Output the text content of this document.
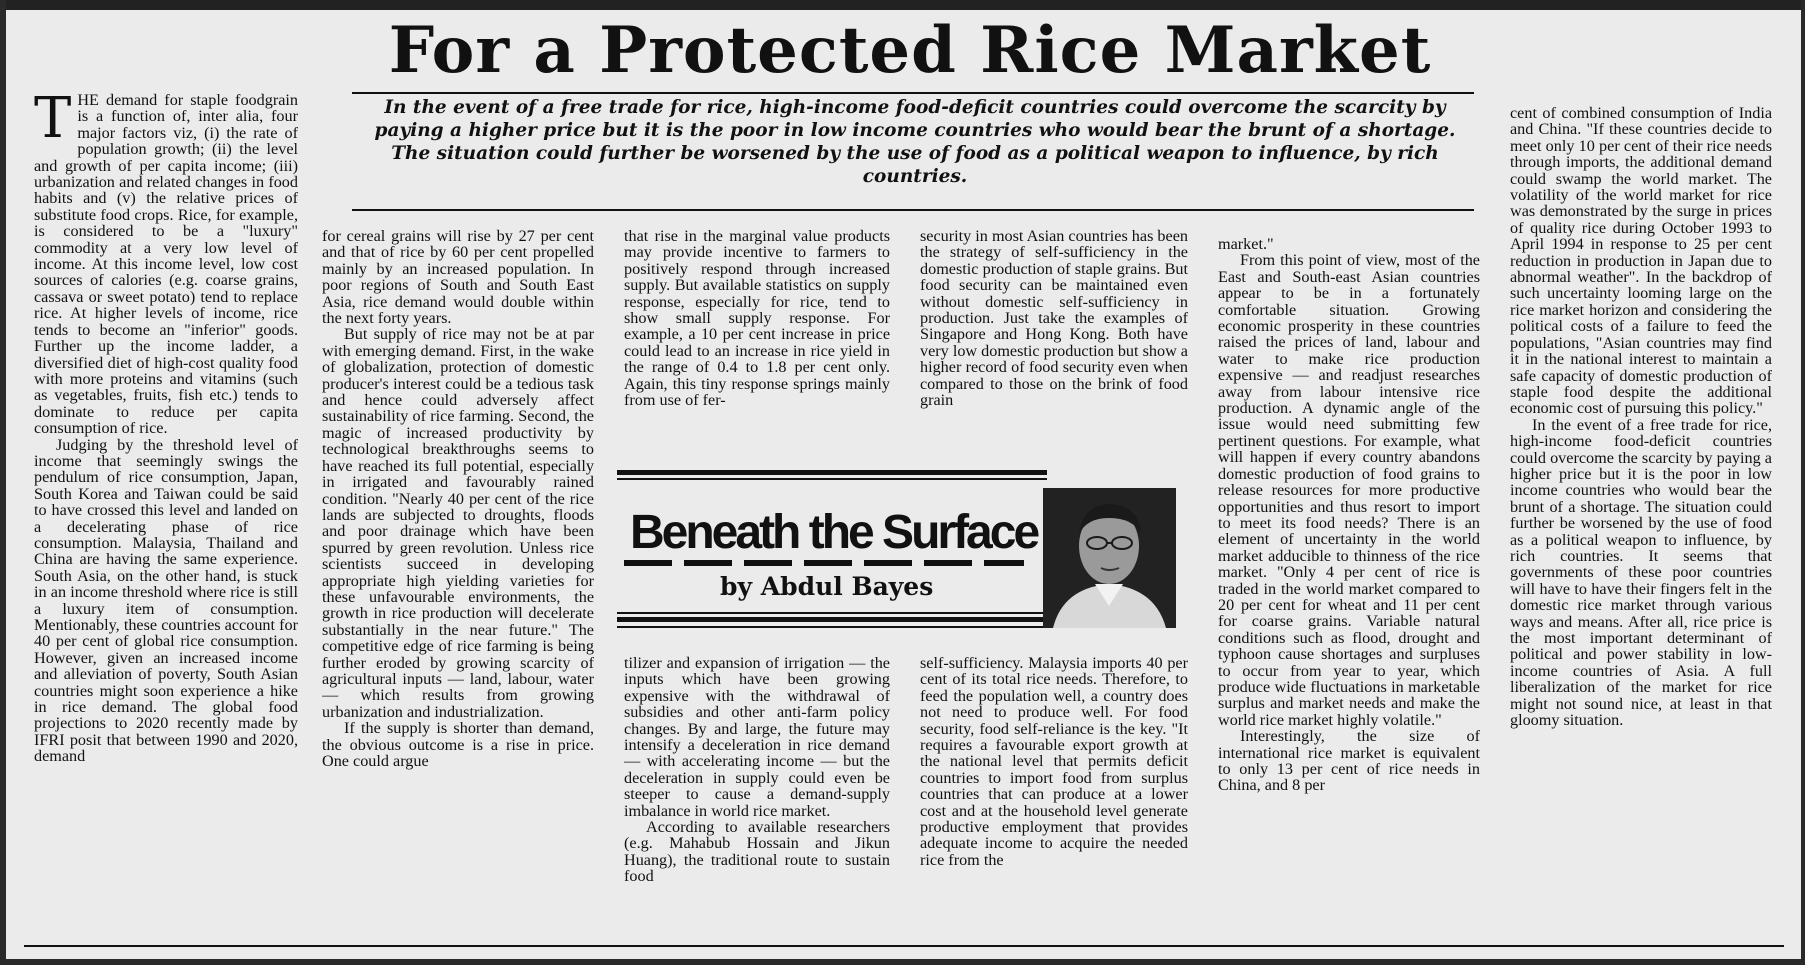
For a Protected Rice Market
In the event of a free trade for rice, high-income food-deficit countries could overcome the scarcity by paying a higher price but it is the poor in low income countries who would bear the brunt of a shortage. The situation could further be worsened by the use of food as a political weapon to influence, by rich countries.

THE demand for staple foodgrain is a function of, inter alia, four major factors viz, (i) the rate of population growth; (ii) the level and growth of per capita income; (iii) urbanization and related changes in food habits and (v) the relative prices of substitute food crops. Rice, for example, is considered to be a "luxury" commodity at a very low level of income. At this income level, low cost sources of calories (e.g. coarse grains, cassava or sweet potato) tend to replace rice. At higher levels of income, rice tends to become an "inferior" goods. Further up the income ladder, a diversified diet of high-cost quality food with more proteins and vitamins (such as vegetables, fruits, fish etc.) tends to dominate to reduce per capita consumption of rice.

Judging by the threshold level of income that seemingly swings the pendulum of rice consumption, Japan, South Korea and Taiwan could be said to have crossed this level and landed on a decelerating phase of rice consumption. Malaysia, Thailand and China are having the same experience. South Asia, on the other hand, is stuck in an income threshold where rice is still a luxury item of consumption. Mentionably, these countries account for 40 per cent of global rice consumption. However, given an increased income and alleviation of poverty, South Asian countries might soon experience a hike in rice demand. The global food projections to 2020 recently made by IFRI posit that between 1990 and 2020, demand

for cereal grains will rise by 27 per cent and that of rice by 60 per cent propelled mainly by an increased population. In poor regions of South and South East Asia, rice demand would double within the next forty years.

But supply of rice may not be at par with emerging demand. First, in the wake of globalization, protection of domestic producer's interest could be a tedious task and hence could adversely affect sustainability of rice farming. Second, the magic of increased productivity by technological breakthroughs seems to have reached its full potential, especially in irrigated and favourably rained condition. "Nearly 40 per cent of the rice lands are subjected to droughts, floods and poor drainage which have been spurred by green revolution. Unless rice scientists succeed in developing appropriate high yielding varieties for these unfavourable environments, the growth in rice production will decelerate substantially in the near future." The competitive edge of rice farming is being further eroded by growing scarcity of agricultural inputs — land, labour, water — which results from growing urbanization and industrialization.

If the supply is shorter than demand, the obvious outcome is a rise in price. One could argue

that rise in the marginal value products may provide incentive to farmers to positively respond through increased supply. But available statistics on supply response, especially for rice, tend to show small supply response. For example, a 10 per cent increase in price could lead to an increase in rice yield in the range of 0.4 to 1.8 per cent only. Again, this tiny response springs mainly from use of fer-

security in most Asian countries has been the strategy of self-sufficiency in the domestic production of staple grains. But food security can be maintained even without domestic self-sufficiency in production. Just take the examples of Singapore and Hong Kong. Both have very low domestic production but show a higher record of food security even when compared to those on the brink of food grain

Beneath the Surface
by Abdul Bayes

tilizer and expansion of irrigation — the inputs which have been growing expensive with the withdrawal of subsidies and other anti-farm policy changes. By and large, the future may intensify a deceleration in rice demand — with accelerating income — but the deceleration in supply could even be steeper to cause a demand-supply imbalance in world rice market.

According to available researchers (e.g. Mahabub Hossain and Jikun Huang), the traditional route to sustain food

self-sufficiency. Malaysia imports 40 per cent of its total rice needs. Therefore, to feed the population well, a country does not need to produce well. For food security, food self-reliance is the key. "It requires a favourable export growth at the national level that permits deficit countries to import food from surplus countries that can produce at a lower cost and at the household level generate productive employment that provides adequate income to acquire the needed rice from the

market."

From this point of view, most of the East and South-east Asian countries appear to be in a fortunately comfortable situation. Growing economic prosperity in these countries raised the prices of land, labour and water to make rice production expensive — and readjust researches away from labour intensive rice production. A dynamic angle of the issue would need submitting few pertinent questions. For example, what will happen if every country abandons domestic production of food grains to release resources for more productive opportunities and thus resort to import to meet its food needs? There is an element of uncertainty in the world market adducible to thinness of the rice market. "Only 4 per cent of rice is traded in the world market compared to 20 per cent for wheat and 11 per cent for coarse grains. Variable natural conditions such as flood, drought and typhoon cause shortages and surpluses to occur from year to year, which produce wide fluctuations in marketable surplus and market needs and make the world rice market highly volatile."

Interestingly, the size of international rice market is equivalent to only 13 per cent of rice needs in China, and 8 per

cent of combined consumption of India and China. "If these countries decide to meet only 10 per cent of their rice needs through imports, the additional demand could swamp the world market. The volatility of the world market for rice was demonstrated by the surge in prices of quality rice during October 1993 to April 1994 in response to 25 per cent reduction in production in Japan due to abnormal weather". In the backdrop of such uncertainty looming large on the rice market horizon and considering the political costs of a failure to feed the populations, "Asian countries may find it in the national interest to maintain a safe capacity of domestic production of staple food despite the additional economic cost of pursuing this policy."

In the event of a free trade for rice, high-income food-deficit countries could overcome the scarcity by paying a higher price but it is the poor in low income countries who would bear the brunt of a shortage. The situation could further be worsened by the use of food as a political weapon to influence, by rich countries. It seems that governments of these poor countries will have to have their fingers felt in the domestic rice market through various ways and means. After all, rice price is the most important determinant of political and power stability in low-income countries of Asia. A full liberalization of the market for rice might not sound nice, at least in that gloomy situation.
